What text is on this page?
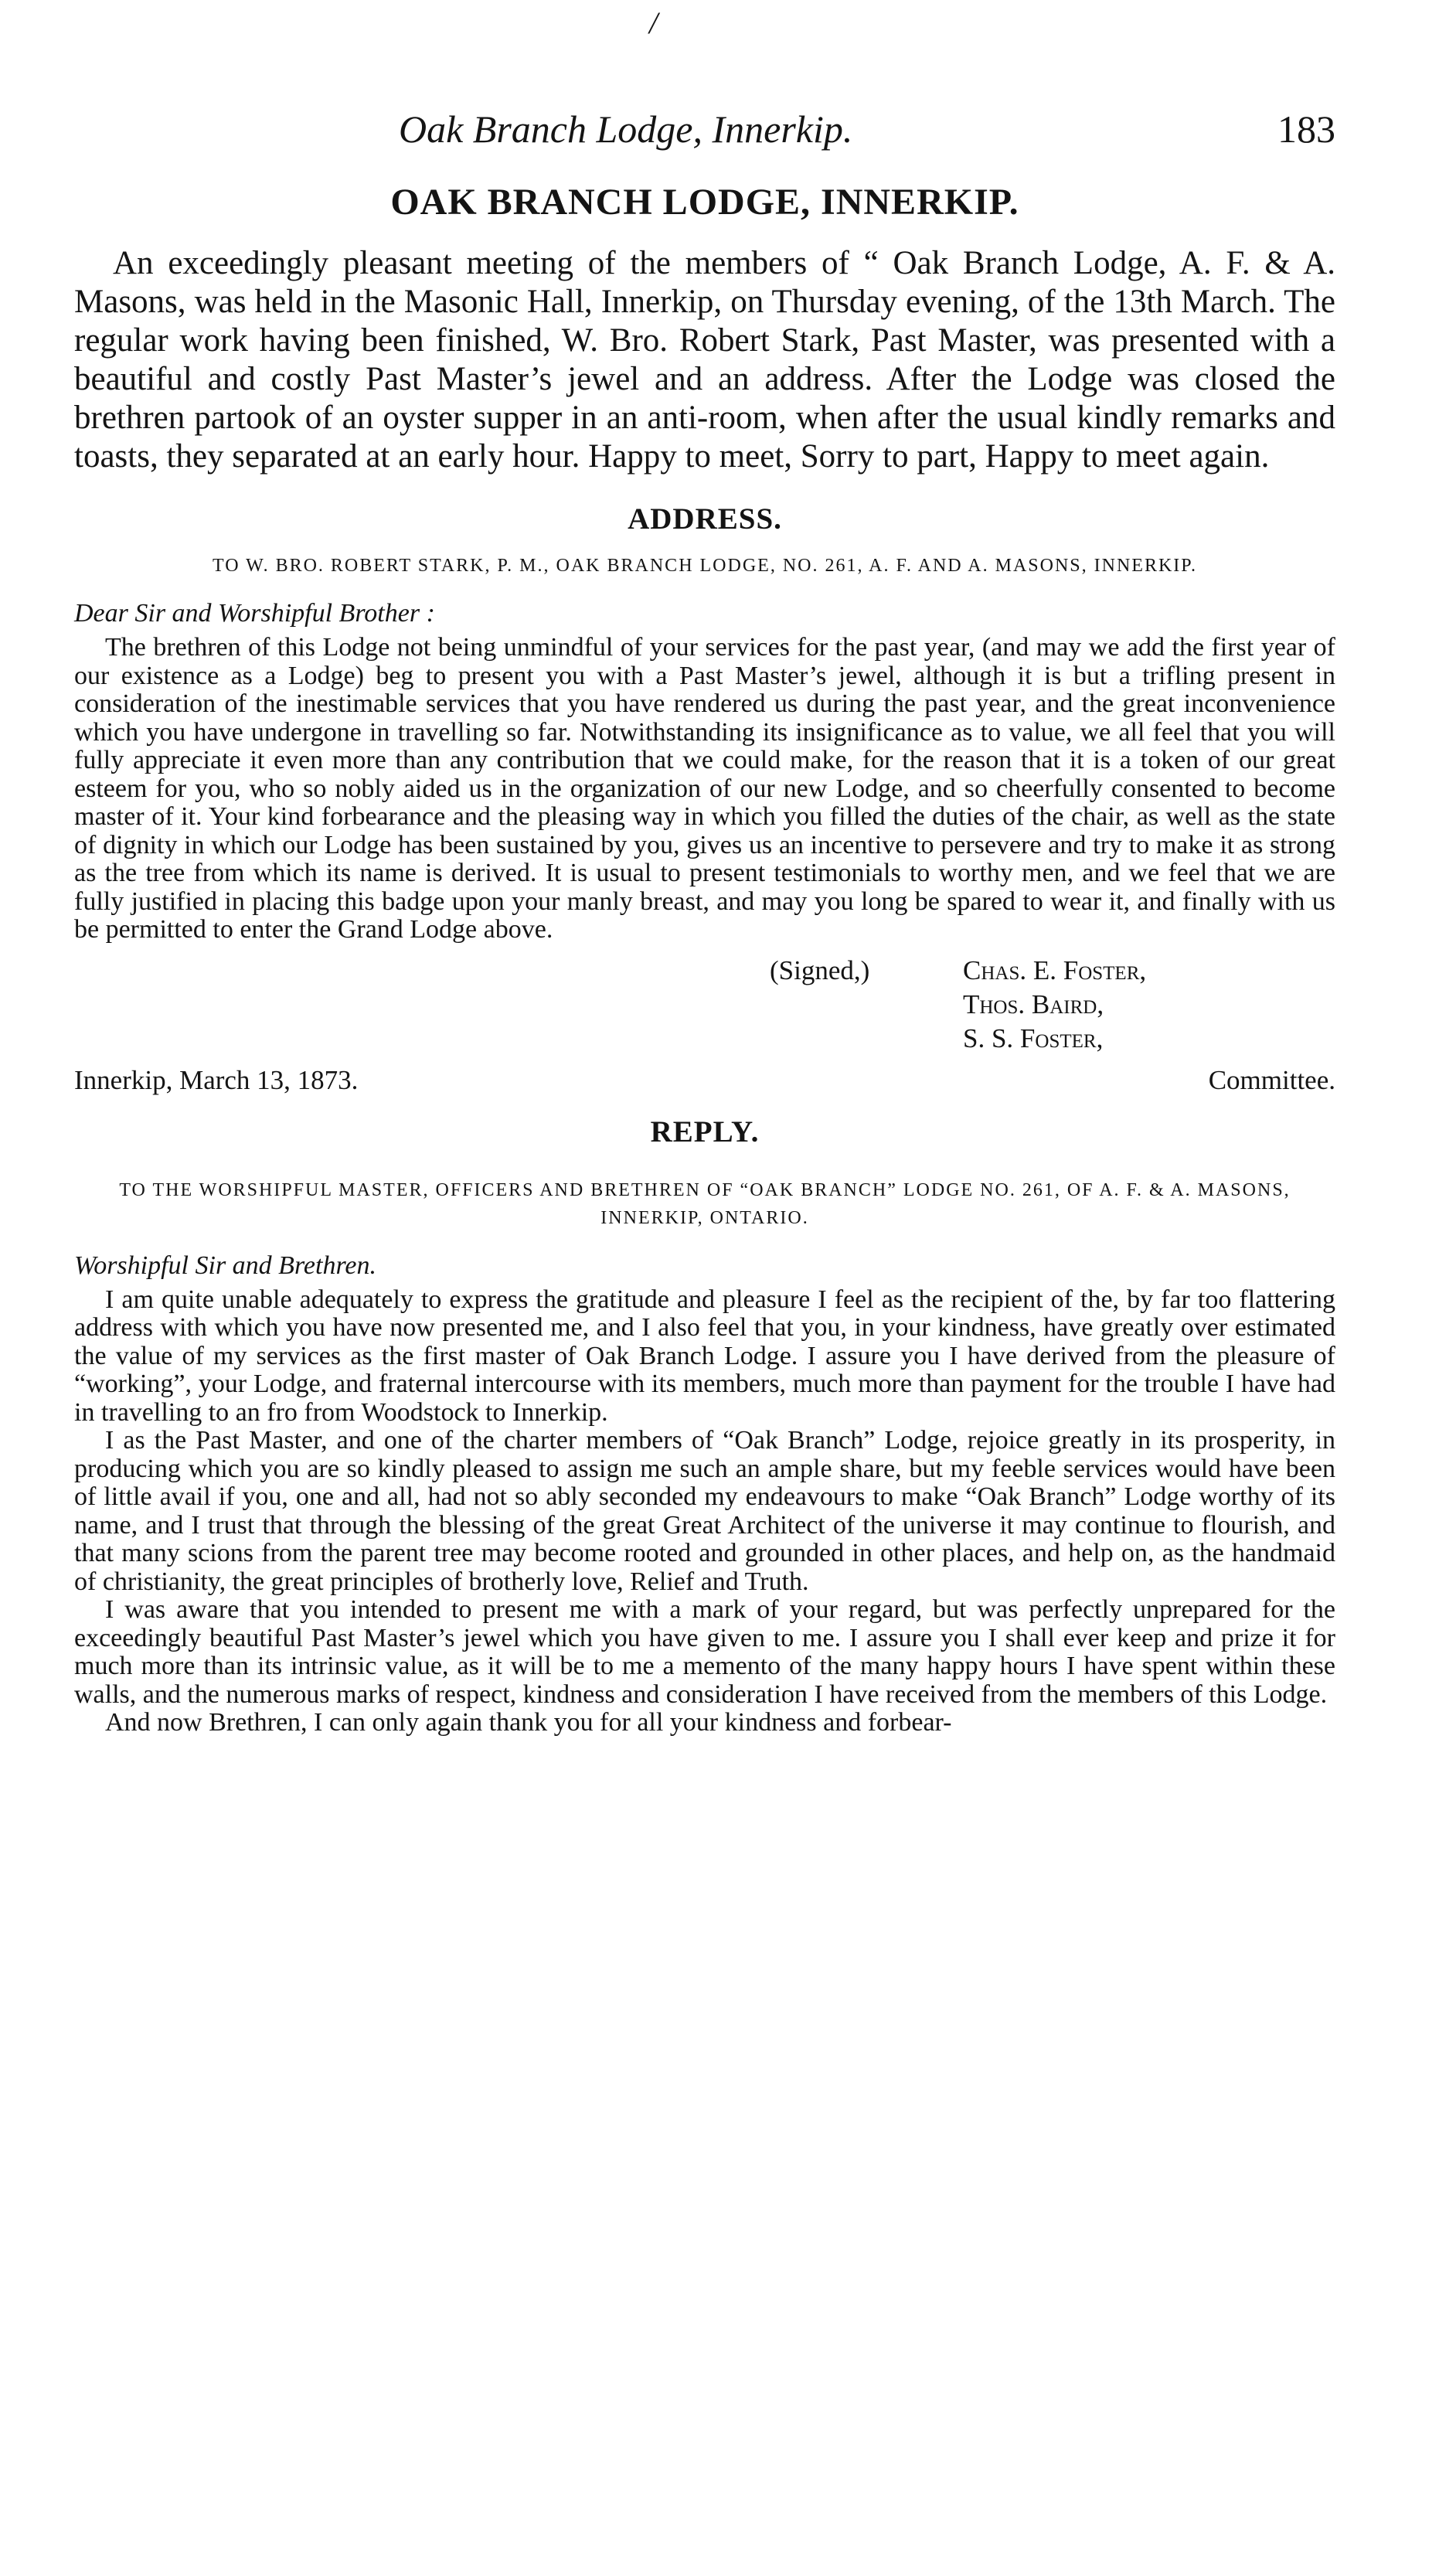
/
Oak Branch Lodge, Innerkip.	183
OAK BRANCH LODGE, INNERKIP.

An exceedingly pleasant meeting of the members of “ Oak Branch Lodge, A. F. & A. Masons, was held in the Masonic Hall, Innerkip, on Thursday evening, of the 13th March. The regular work having been finished, W. Bro. Robert Stark, Past Master, was presented with a beautiful and costly Past Master’s jewel and an address. After the Lodge was closed the brethren partook of an oyster supper in an anti-room, when after the usual kindly remarks and toasts, they separated at an early hour. Happy to meet, Sorry to part, Happy to meet again.

ADDRESS.
TO W. BRO. ROBERT STARK, P. M., OAK BRANCH LODGE, NO. 261, A. F. AND A. MASONS, INNERKIP.
Dear Sir and Worshipful Brother :

The brethren of this Lodge not being unmindful of your services for the past year, (and may we add the first year of our existence as a Lodge) beg to present you with a Past Master’s jewel, although it is but a trifling present in consideration of the inestimable services that you have rendered us during the past year, and the great inconvenience which you have undergone in travelling so far. Notwithstanding its insignificance as to value, we all feel that you will fully appreciate it even more than any contribution that we could make, for the reason that it is a token of our great esteem for you, who so nobly aided us in the organization of our new Lodge, and so cheerfully consented to become master of it. Your kind forbearance and the pleasing way in which you filled the duties of the chair, as well as the state of dignity in which our Lodge has been sustained by you, gives us an incentive to persevere and try to make it as strong as the tree from which its name is derived. It is usual to present testimonials to worthy men, and we feel that we are fully justified in placing this badge upon your manly breast, and may you long be spared to wear it, and finally with us be permitted to enter the Grand Lodge above.

(Signed,)	Chas. E. Foster,
Thos. Baird,
S. S. Foster,
Innerkip, March 13, 1873.	Committee.
REPLY.
TO THE WORSHIPFUL MASTER, OFFICERS AND BRETHREN OF “OAK BRANCH” LODGE NO. 261, OF A. F. & A. MASONS, INNERKIP, ONTARIO.
Worshipful Sir and Brethren.

I am quite unable adequately to express the gratitude and pleasure I feel as the recipient of the, by far too flattering address with which you have now presented me, and I also feel that you, in your kindness, have greatly over estimated the value of my services as the first master of Oak Branch Lodge. I assure you I have derived from the pleasure of “working”, your Lodge, and fraternal intercourse with its members, much more than payment for the trouble I have had in travelling to an fro from Woodstock to Innerkip.

I as the Past Master, and one of the charter members of “Oak Branch” Lodge, rejoice greatly in its prosperity, in producing which you are so kindly pleased to assign me such an ample share, but my feeble services would have been of little avail if you, one and all, had not so ably seconded my endeavours to make “Oak Branch” Lodge worthy of its name, and I trust that through the blessing of the great Great Architect of the universe it may continue to flourish, and that many scions from the parent tree may become rooted and grounded in other places, and help on, as the handmaid of christianity, the great principles of brotherly love, Relief and Truth.

I was aware that you intended to present me with a mark of your regard, but was perfectly unprepared for the exceedingly beautiful Past Master’s jewel which you have given to me. I assure you I shall ever keep and prize it for much more than its intrinsic value, as it will be to me a memento of the many happy hours I have spent within these walls, and the numerous marks of respect, kindness and consideration I have received from the members of this Lodge.

And now Brethren, I can only again thank you for all your kindness and forbear-
